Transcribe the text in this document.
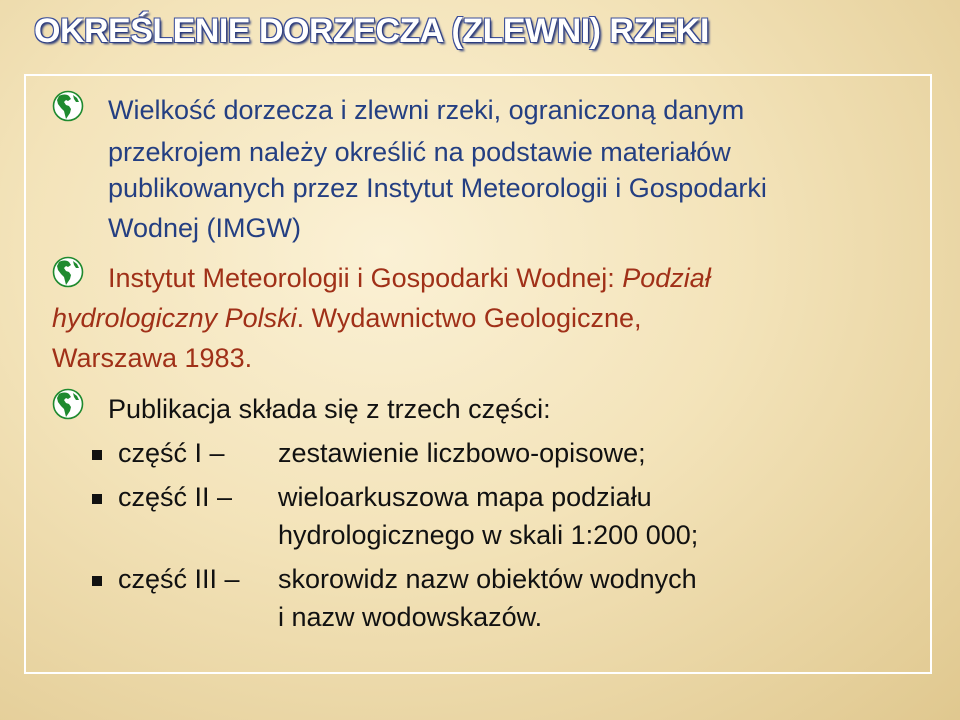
OKREŚLENIE DORZECZA (ZLEWNI) RZEKI

Wielkość dorzecza i zlewni rzeki, ograniczoną danym

przekrojem należy określić na podstawie materiałów

publikowanych przez Instytut Meteorologii i Gospodarki

Wodnej (IMGW)

Instytut Meteorologii i Gospodarki Wodnej: Podział

hydrologiczny Polski. Wydawnictwo Geologiczne,

Warszawa 1983.

Publikacja składa się z trzech części:

część I – zestawienie liczbowo-opisowe;

część II – wieloarkuszowa mapa podziału

hydrologicznego w skali 1:200 000;

część III – skorowidz nazw obiektów wodnych

i nazw wodowskazów.
